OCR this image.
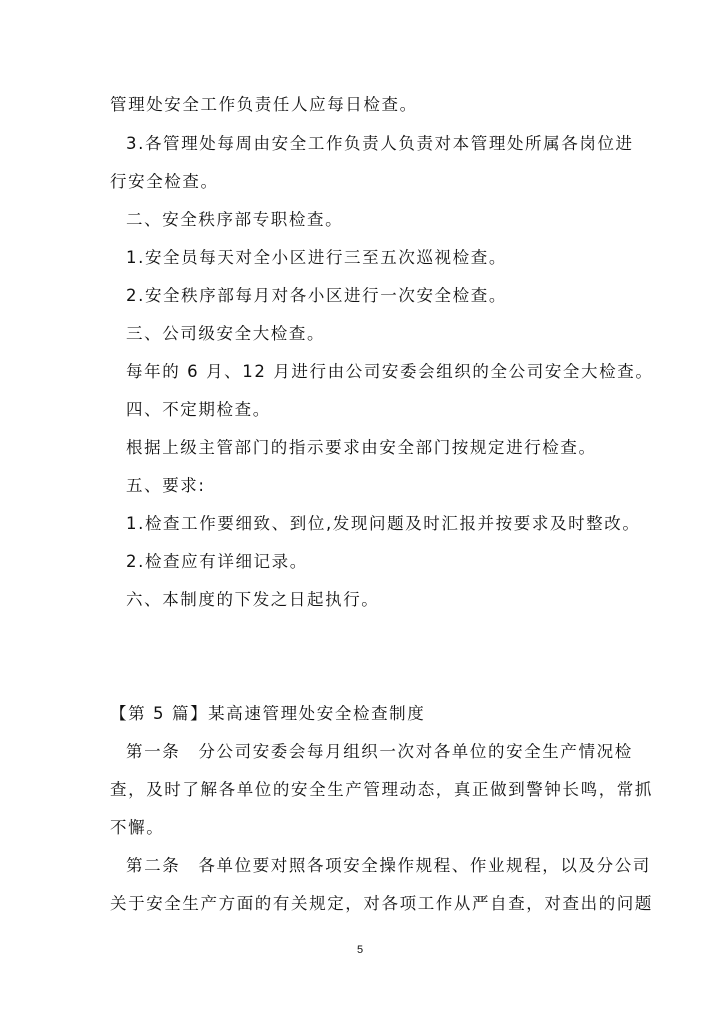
管理处安全工作负责任人应每日检查。
3.各管理处每周由安全工作负责人负责对本管理处所属各岗位进
行安全检查。
二、安全秩序部专职检查。
1.安全员每天对全小区进行三至五次巡视检查。
2.安全秩序部每月对各小区进行一次安全检查。
三、公司级安全大检查。
每年的 6 月、12 月进行由公司安委会组织的全公司安全大检查。
四、不定期检查。
根据上级主管部门的指示要求由安全部门按规定进行检查。
五、要求:
1.检查工作要细致、到位,发现问题及时汇报并按要求及时整改。
2.检查应有详细记录。
六、本制度的下发之日起执行。
【第 5 篇】某高速管理处安全检查制度
第一条　分公司安委会每月组织一次对各单位的安全生产情况检
查，及时了解各单位的安全生产管理动态，真正做到警钟长鸣，常抓
不懈。
第二条　各单位要对照各项安全操作规程、作业规程，以及分公司
关于安全生产方面的有关规定，对各项工作从严自查，对查出的问题
5
